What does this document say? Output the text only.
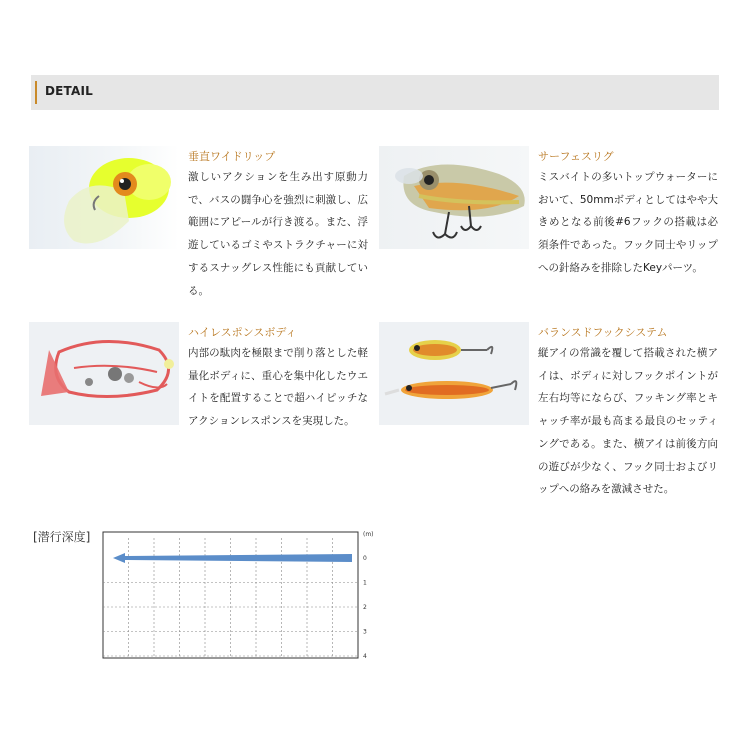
DETAIL
垂直ワイドリップ
激しいアクションを生み出す原動力で、バスの闘争心を強烈に刺激し、広範囲にアピールが行き渡る。また、浮遊しているゴミやストラクチャーに対するスナッグレス性能にも貢献している。
サーフェスリグ
ミスバイトの多いトップウォーターにおいて、50mmボディとしてはやや大きめとなる前後#6フックの搭載は必須条件であった。フック同士やリップへの針絡みを排除したKeyパーツ。
ハイレスポンスボディ
内部の駄肉を極限まで削り落とした軽量化ボディに、重心を集中化したウエイトを配置することで超ハイピッチなアクションレスポンスを実現した。
バランスドフックシステム
縦アイの常識を覆して搭載された横アイは、ボディに対しフックポイントが左右均等にならび、フッキング率とキャッチ率が最も高まる最良のセッティングである。また、横アイは前後方向の遊びが少なく、フック同士およびリップへの絡みを激減させた。
[潜行深度]
0
1
2
3
4
(m)
